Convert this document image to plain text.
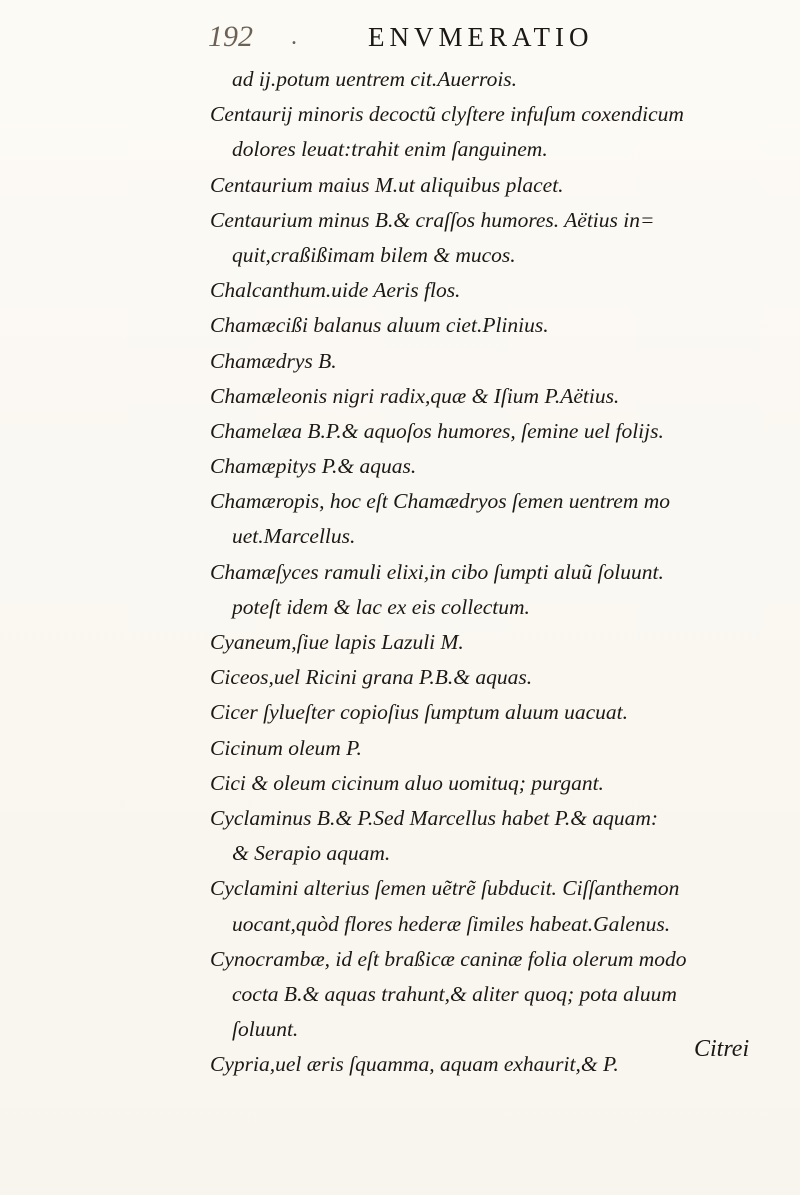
192 .	ENVMERATIO
ad ij.potum uentrem cit.Auerrois.
Centaurij minoris decoctũ clyſtere infuſum coxendicum
dolores leuat:trahit enim ſanguinem.
Centaurium maius M.ut aliquibus placet.
Centaurium minus B.& craſſos humores. Aëtius in=
quit,craßißimam bilem & mucos.
Chalcanthum.uide Aeris flos.
Chamæcißi balanus aluum ciet.Plinius.
Chamædrys B.
Chamæleonis nigri radix,quæ & Iſium P.Aëtius.
Chamelæa B.P.& aquoſos humores, ſemine uel folijs.
Chamæpitys P.& aquas.
Chamæropis, hoc eſt Chamædryos ſemen uentrem mo
uet.Marcellus.
Chamæſyces ramuli elixi,in cibo ſumpti aluũ ſoluunt.
poteſt idem & lac ex eis collectum.
Cyaneum,ſiue lapis Lazuli M.
Ciceos,uel Ricini grana P.B.& aquas.
Cicer ſylueſter copioſius ſumptum aluum uacuat.
Cicinum oleum P.
Cici & oleum cicinum aluo uomituq; purgant.
Cyclaminus B.& P.Sed Marcellus habet P.& aquam:
& Serapio aquam.
Cyclamini alterius ſemen uẽtrẽ ſubducit. Ciſſanthemon
uocant,quòd flores hederæ ſimiles habeat.Galenus.
Cynocrambæ, id eſt braßicæ caninæ folia olerum modo
cocta B.& aquas trahunt,& aliter quoq; pota aluum
ſoluunt.
Cypria,uel æris ſquamma, aquam exhaurit,& P.
Citrei
